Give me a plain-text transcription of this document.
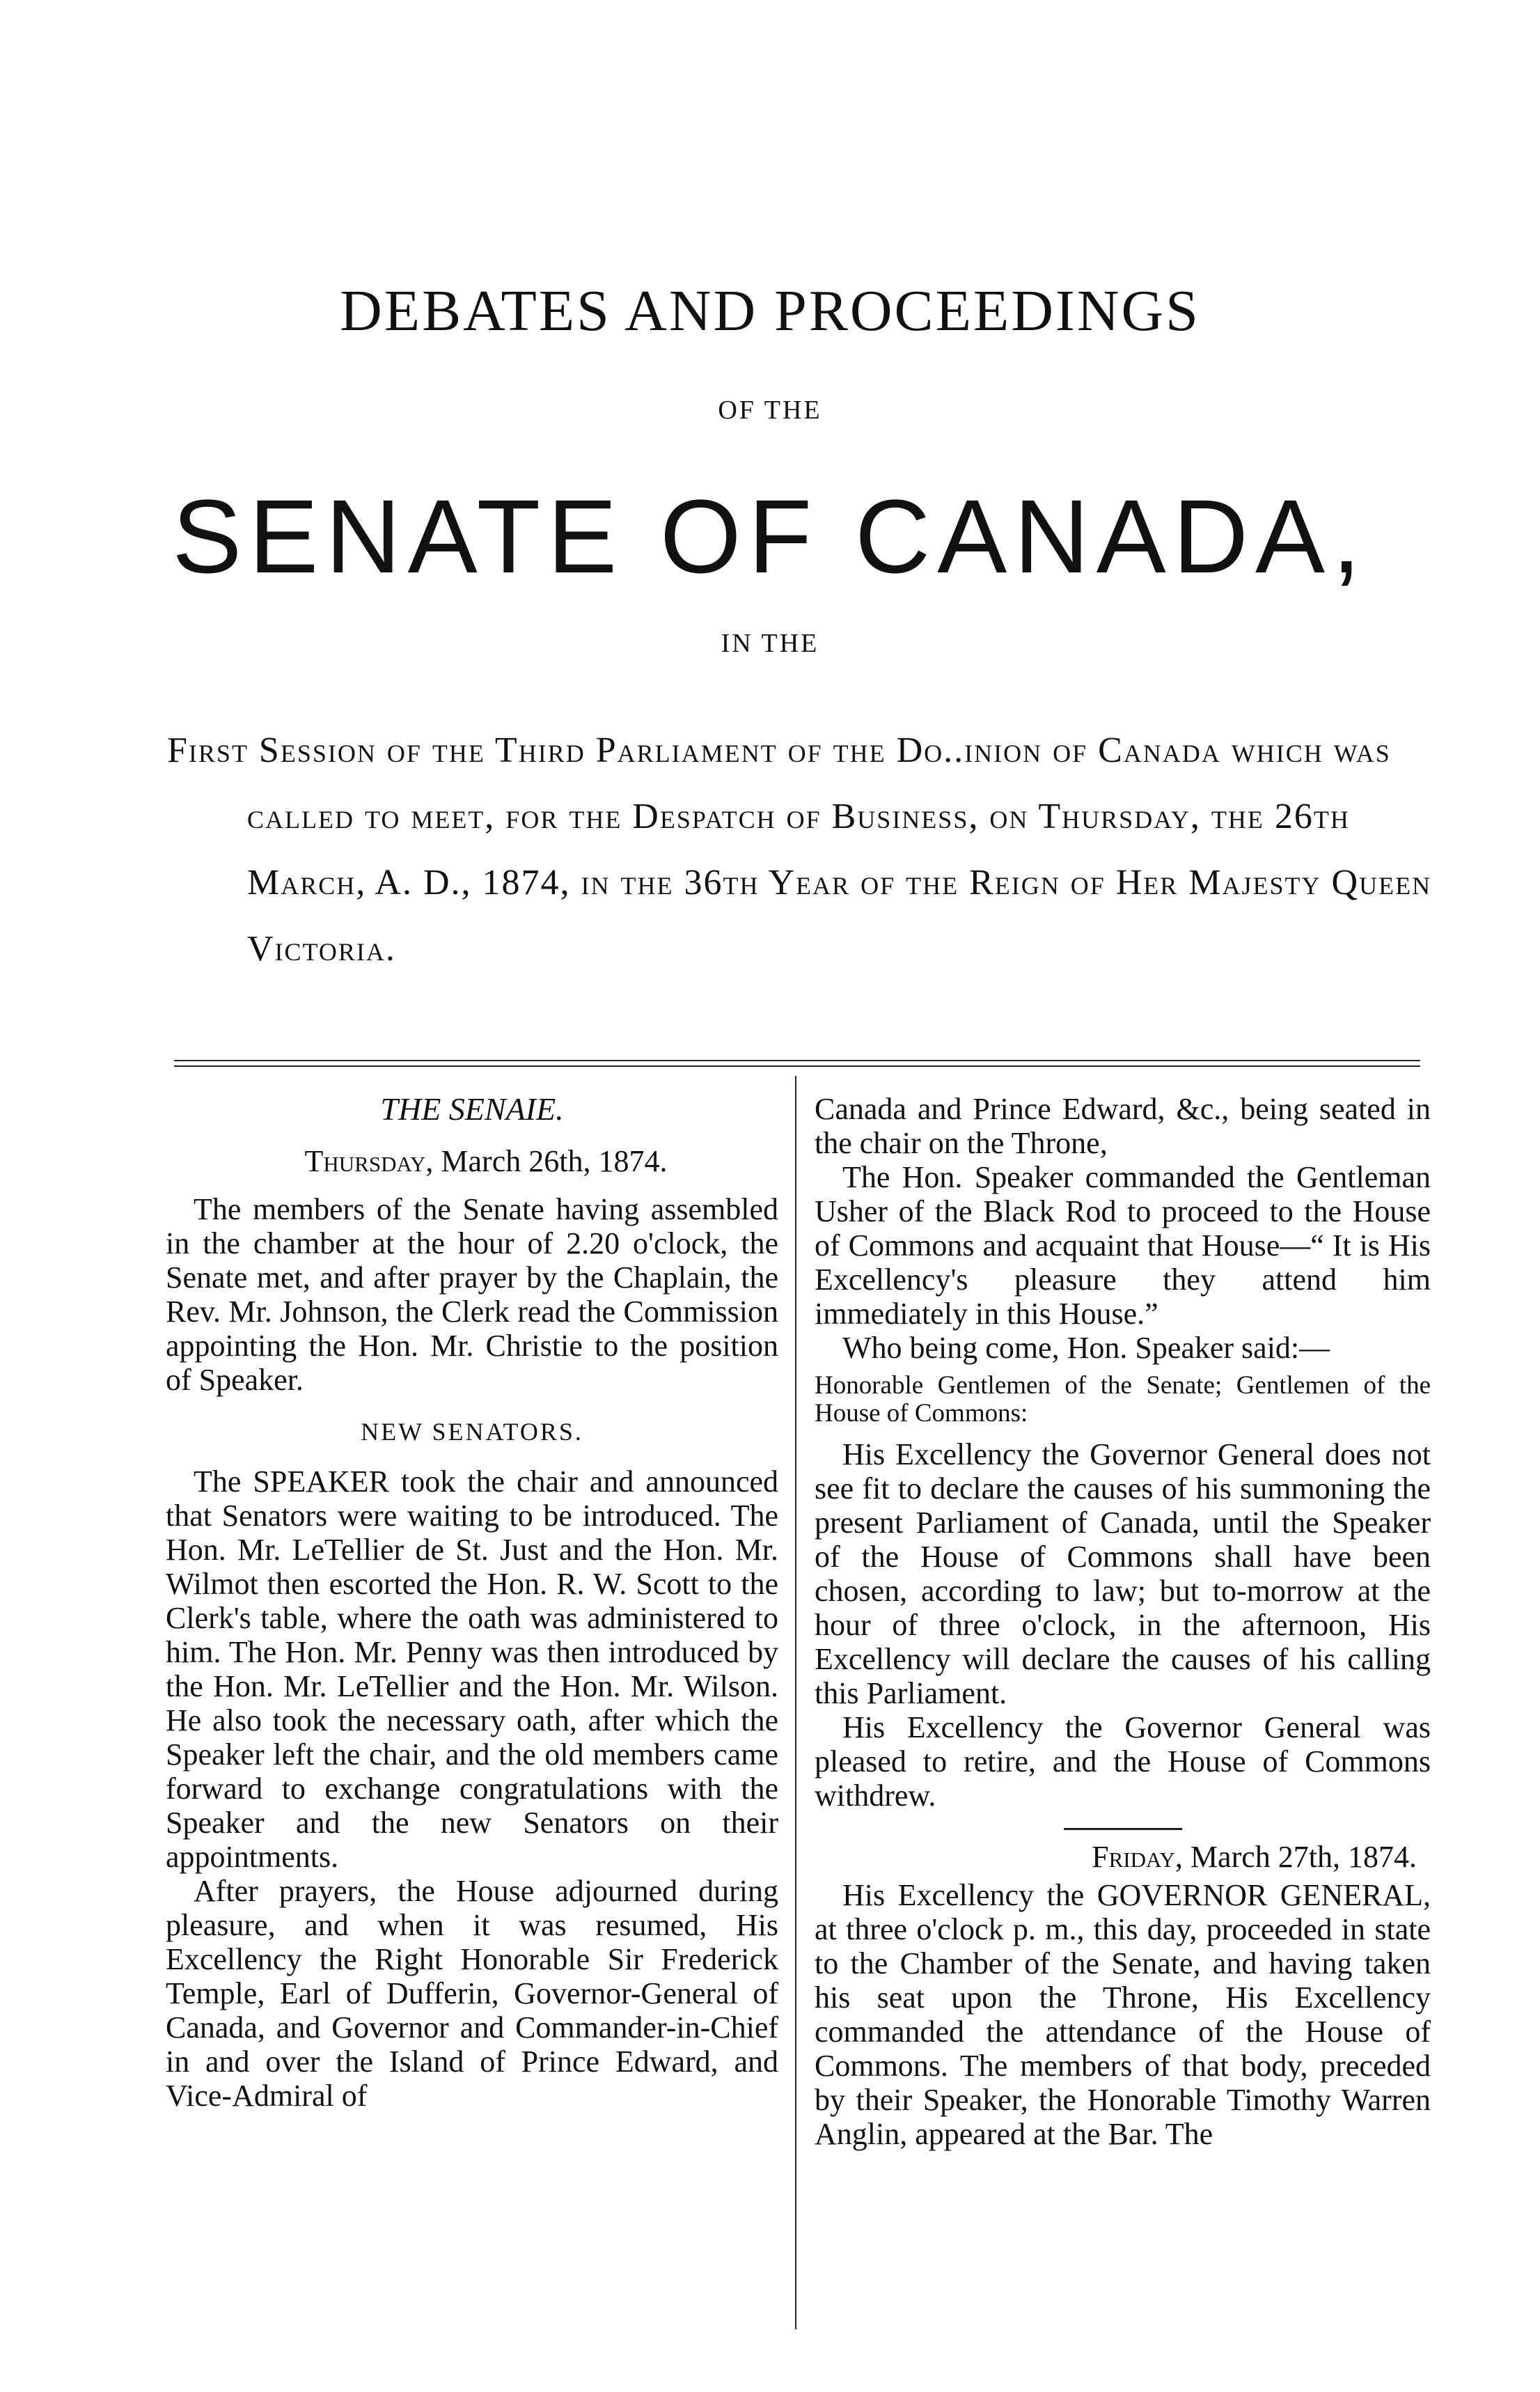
DEBATES AND PROCEEDINGS
OF THE
SENATE OF CANADA,
IN THE
First Session of the Third Parliament of the Do..inion of Canada which was called to meet, for the Despatch of Business, on Thursday, the 26th March, A. D., 1874, in the 36th Year of the Reign of Her Majesty Queen Victoria.

THE SENAIE.

Thursday, March 26th, 1874.

The members of the Senate having assembled in the chamber at the hour of 2.20 o'clock, the Senate met, and after prayer by the Chaplain, the Rev. Mr. Johnson, the Clerk read the Commission appointing the Hon. Mr. Christie to the position of Speaker.

NEW SENATORS.

The SPEAKER took the chair and announced that Senators were waiting to be introduced. The Hon. Mr. LeTellier de St. Just and the Hon. Mr. Wilmot then escorted the Hon. R. W. Scott to the Clerk's table, where the oath was administered to him. The Hon. Mr. Penny was then introduced by the Hon. Mr. LeTellier and the Hon. Mr. Wilson. He also took the necessary oath, after which the Speaker left the chair, and the old members came forward to exchange congratulations with the Speaker and the new Senators on their appointments.

After prayers, the House adjourned during pleasure, and when it was resumed, His Excellency the Right Honorable Sir Frederick Temple, Earl of Dufferin, Governor-General of Canada, and Governor and Commander-in-Chief in and over the Island of Prince Edward, and Vice-Admiral of

Canada and Prince Edward, &c., being seated in the chair on the Throne,

The Hon. Speaker commanded the Gentleman Usher of the Black Rod to proceed to the House of Commons and acquaint that House—“ It is His Excellency's pleasure they attend him immediately in this House.”

Who being come, Hon. Speaker said:—

Honorable Gentlemen of the Senate; Gentlemen of the House of Commons:

His Excellency the Governor General does not see fit to declare the causes of his summoning the present Parliament of Canada, until the Speaker of the House of Commons shall have been chosen, according to law; but to-morrow at the hour of three o'clock, in the afternoon, His Excellency will declare the causes of his calling this Parliament.

His Excellency the Governor General was pleased to retire, and the House of Commons withdrew.

Friday, March 27th, 1874.

His Excellency the GOVERNOR GENERAL, at three o'clock p. m., this day, proceeded in state to the Chamber of the Senate, and having taken his seat upon the Throne, His Excellency commanded the attendance of the House of Commons. The members of that body, preceded by their Speaker, the Honorable Timothy Warren Anglin, appeared at the Bar. The
